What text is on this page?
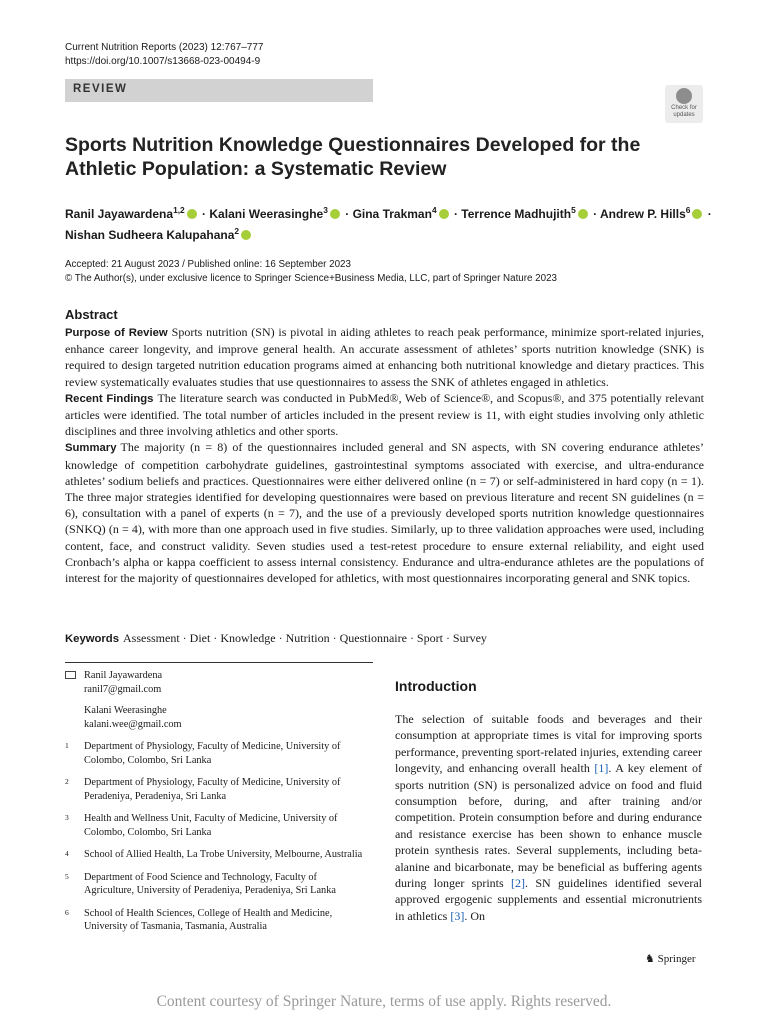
Current Nutrition Reports (2023) 12:767–777
https://doi.org/10.1007/s13668-023-00494-9
REVIEW
Check for updates
Sports Nutrition Knowledge Questionnaires Developed for the Athletic Population: a Systematic Review
Ranil Jayawardena$^{1,2}$ · Kalani Weerasinghe$^3$ · Gina Trakman$^4$ · Terrence Madhujith$^5$ · Andrew P. Hills$^6$ ·
Nishan Sudheera Kalupahana$^2$
Accepted: 21 August 2023 / Published online: 16 September 2023
© The Author(s), under exclusive licence to Springer Science+Business Media, LLC, part of Springer Nature 2023
Abstract

Purpose of Review Sports nutrition (SN) is pivotal in aiding athletes to reach peak performance, minimize sport-related injuries, enhance career longevity, and improve general health. An accurate assessment of athletes’ sports nutrition knowledge (SNK) is required to design targeted nutrition education programs aimed at enhancing both nutritional knowledge and dietary practices. This review systematically evaluates studies that use questionnaires to assess the SNK of athletes engaged in athletics.

Recent Findings The literature search was conducted in PubMed®, Web of Science®, and Scopus®, and 375 potentially relevant articles were identified. The total number of articles included in the present review is 11, with eight studies involving only athletic disciplines and three involving athletics and other sports.

Summary The majority (n = 8) of the questionnaires included general and SN aspects, with SN covering endurance athletes’ knowledge of competition carbohydrate guidelines, gastrointestinal symptoms associated with exercise, and ultra-endurance athletes’ sodium beliefs and practices. Questionnaires were either delivered online (n = 7) or self-administered in hard copy (n = 1). The three major strategies identified for developing questionnaires were based on previous literature and recent SN guidelines (n = 6), consultation with a panel of experts (n = 7), and the use of a previously developed sports nutrition knowledge questionnaires (SNKQ) (n = 4), with more than one approach used in five studies. Similarly, up to three validation approaches were used, including content, face, and construct validity. Seven studies used a test-retest procedure to ensure external reliability, and eight used Cronbach’s alpha or kappa coefficient to assess internal consistency. Endurance and ultra-endurance athletes are the populations of interest for the majority of questionnaires developed for athletics, with most questionnaires incorporating general and SNK topics.

Keywords Assessment · Diet · Knowledge · Nutrition · Questionnaire · Sport · Survey
Ranil Jayawardena
ranil7@gmail.com
Kalani Weerasinghe
kalani.wee@gmail.com
1 Department of Physiology, Faculty of Medicine, University of Colombo, Colombo, Sri Lanka
2 Department of Physiology, Faculty of Medicine, University of Peradeniya, Peradeniya, Sri Lanka
3 Health and Wellness Unit, Faculty of Medicine, University of Colombo, Colombo, Sri Lanka
4 School of Allied Health, La Trobe University, Melbourne, Australia
5 Department of Food Science and Technology, Faculty of Agriculture, University of Peradeniya, Peradeniya, Sri Lanka
6 School of Health Sciences, College of Health and Medicine, University of Tasmania, Tasmania, Australia
Introduction
The selection of suitable foods and beverages and their consumption at appropriate times is vital for improving sports performance, preventing sport-related injuries, extending career longevity, and enhancing overall health [1]. A key element of sports nutrition (SN) is personalized advice on food and fluid consumption before, during, and after training and/or competition. Protein consumption before and during endurance and resistance exercise has been shown to enhance muscle protein synthesis rates. Several supplements, including beta-alanine and bicarbonate, may be beneficial as buffering agents during longer sprints [2]. SN guidelines identified several approved ergogenic supplements and essential micronutrients in athletics [3]. On
♞ Springer
Content courtesy of Springer Nature, terms of use apply. Rights reserved.
